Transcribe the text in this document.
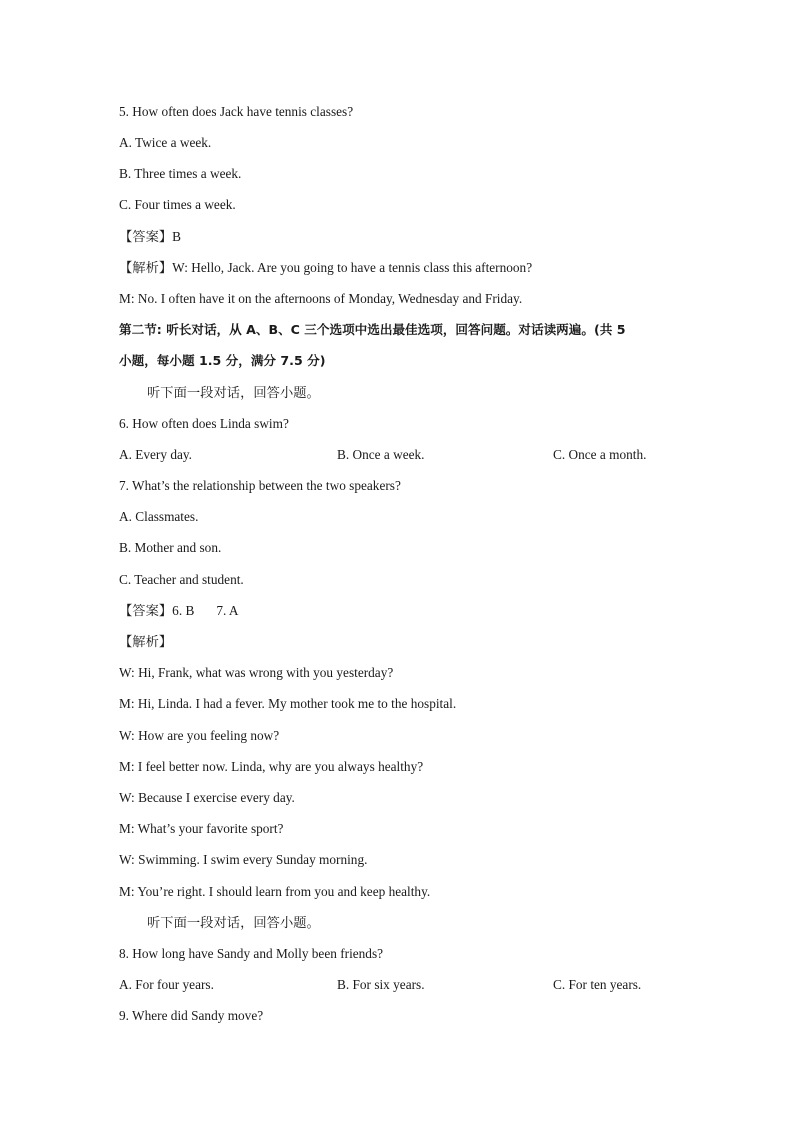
5. How often does Jack have tennis classes?
A. Twice a week.
B. Three times a week.
C. Four times a week.
【答案】B
【解析】W: Hello, Jack. Are you going to have a tennis class this afternoon?
M: No. I often have it on the afternoons of Monday, Wednesday and Friday.
第二节: 听长对话，从 A、B、C 三个选项中选出最佳选项，回答问题。对话读两遍。(共 5
小题，每小题 1.5 分，满分 7.5 分)
听下面一段对话，回答小题。
6. How often does Linda swim?
A. Every day.	B. Once a week.	C. Once a month.
7. What’s the relationship between the two speakers?
A. Classmates.
B. Mother and son.
C. Teacher and student.
【答案】6. B 7. A
【解析】
W: Hi, Frank, what was wrong with you yesterday?
M: Hi, Linda. I had a fever. My mother took me to the hospital.
W: How are you feeling now?
M: I feel better now. Linda, why are you always healthy?
W: Because I exercise every day.
M: What’s your favorite sport?
W: Swimming. I swim every Sunday morning.
M: You’re right. I should learn from you and keep healthy.
听下面一段对话，回答小题。
8. How long have Sandy and Molly been friends?
A. For four years.	B. For six years.	C. For ten years.
9. Where did Sandy move?
